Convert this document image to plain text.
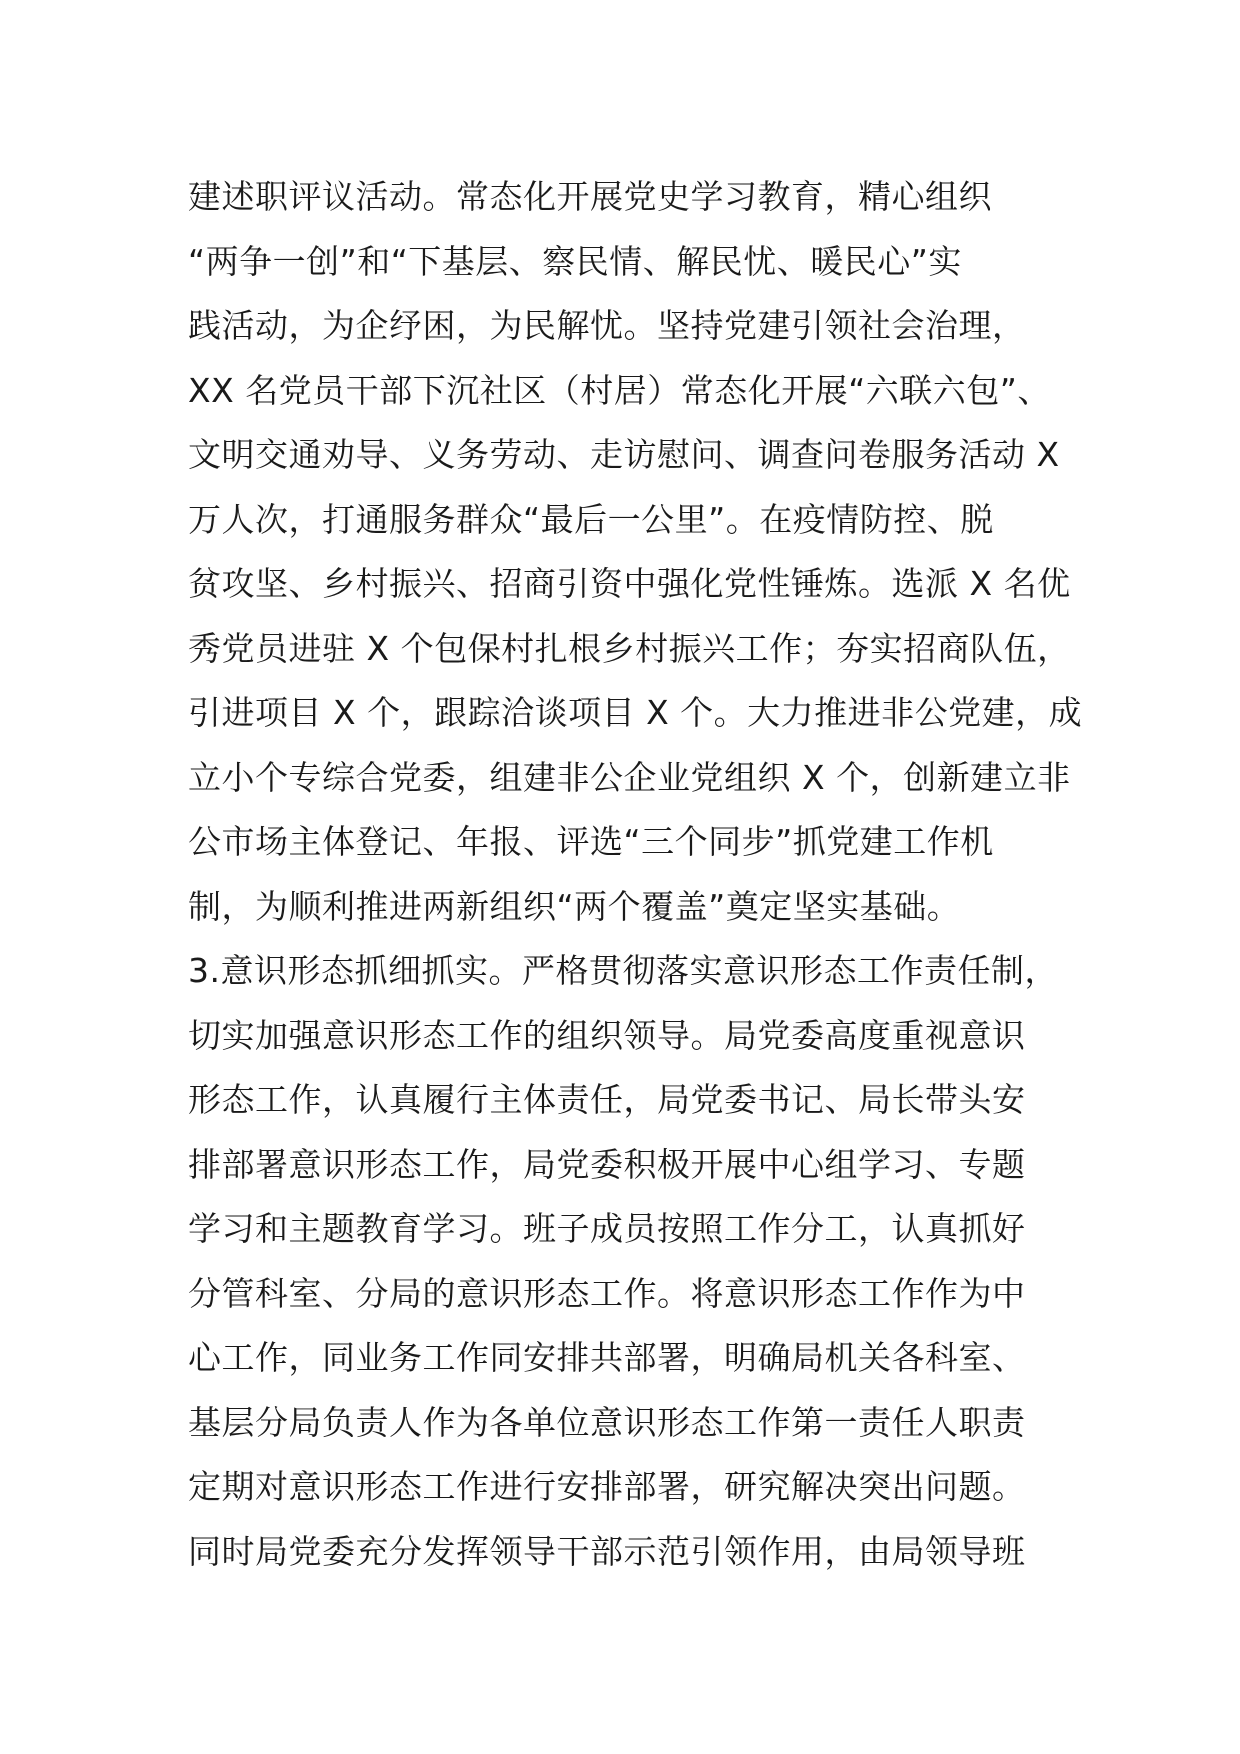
建述职评议活动。常态化开展党史学习教育，精心组织
“两争一创”和“下基层、察民情、解民忧、暖民心”实
践活动，为企纾困，为民解忧。坚持党建引领社会治理，
XX 名党员干部下沉社区（村居）常态化开展“六联六包”、
文明交通劝导、义务劳动、走访慰问、调查问卷服务活动 X
万人次，打通服务群众“最后一公里”。在疫情防控、脱
贫攻坚、乡村振兴、招商引资中强化党性锤炼。选派 X 名优
秀党员进驻 X 个包保村扎根乡村振兴工作；夯实招商队伍，
引进项目 X 个，跟踪洽谈项目 X 个。大力推进非公党建，成
立小个专综合党委，组建非公企业党组织 X 个，创新建立非
公市场主体登记、年报、评选“三个同步”抓党建工作机
制，为顺利推进两新组织“两个覆盖”奠定坚实基础。
3.意识形态抓细抓实。严格贯彻落实意识形态工作责任制，
切实加强意识形态工作的组织领导。局党委高度重视意识
形态工作，认真履行主体责任，局党委书记、局长带头安
排部署意识形态工作，局党委积极开展中心组学习、专题
学习和主题教育学习。班子成员按照工作分工，认真抓好
分管科室、分局的意识形态工作。将意识形态工作作为中
心工作，同业务工作同安排共部署，明确局机关各科室、
基层分局负责人作为各单位意识形态工作第一责任人职责
定期对意识形态工作进行安排部署，研究解决突出问题。
同时局党委充分发挥领导干部示范引领作用，由局领导班
